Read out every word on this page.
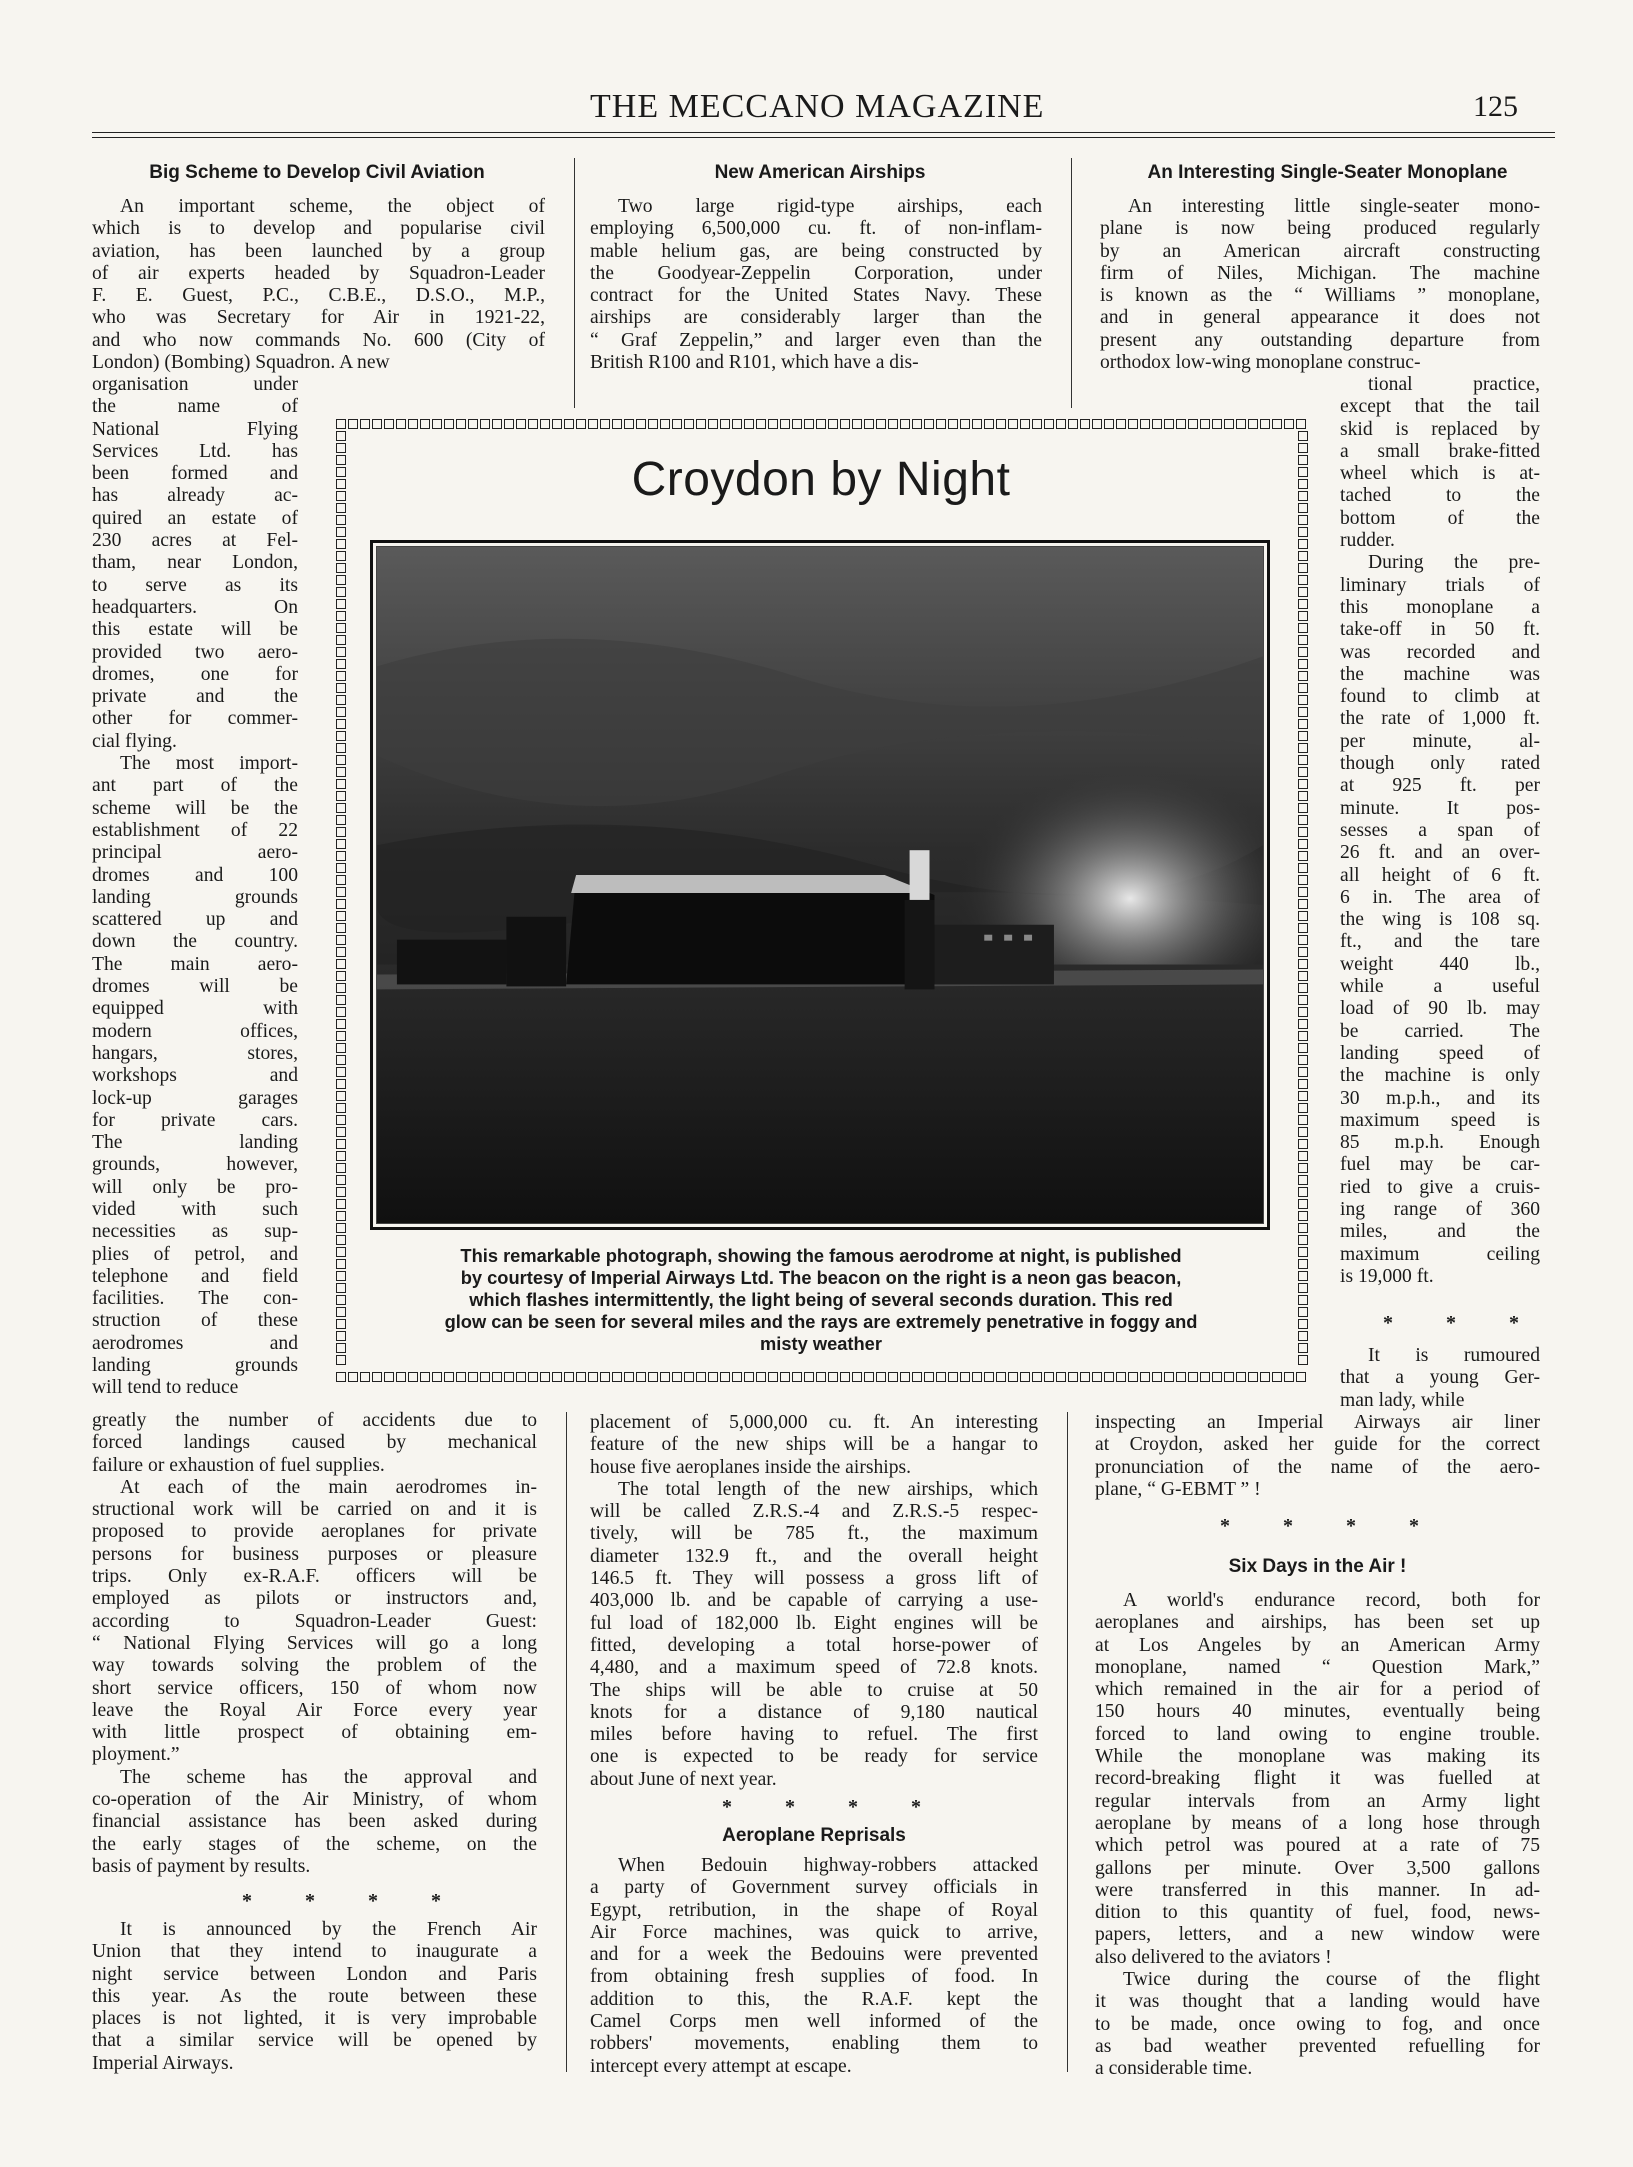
THE MECCANO MAGAZINE	125
Big Scheme to Develop Civil Aviation
An important scheme, the object of
which is to develop and popularise civil
aviation, has been launched by a group
of air experts headed by Squadron-Leader
F. E. Guest, P.C., C.B.E., D.S.O., M.P.,
who was Secretary for Air in 1921-22,
and who now commands No. 600 (City of
London) (Bombing) Squadron. A new
organisation under
the name of
National Flying
Services Ltd. has
been formed and
has already ac-
quired an estate of
230 acres at Fel-
tham, near London,
to serve as its
headquarters. On
this estate will be
provided two aero-
dromes, one for
private and the
other for commer-
cial flying.
The most import-
ant part of the
scheme will be the
establishment of 22
principal aero-
dromes and 100
landing grounds
scattered up and
down the country.
The main aero-
dromes will be
equipped with
modern offices,
hangars, stores,
workshops and
lock-up garages
for private cars.
The landing
grounds, however,
will only be pro-
vided with such
necessities as sup-
plies of petrol, and
telephone and field
facilities. The con-
struction of these
aerodromes and
landing grounds
will tend to reduce
greatly the number of accidents due to
forced landings caused by mechanical
failure or exhaustion of fuel supplies.
At each of the main aerodromes in-
structional work will be carried on and it is
proposed to provide aeroplanes for private
persons for business purposes or pleasure
trips. Only ex-R.A.F. officers will be
employed as pilots or instructors and,
according to Squadron-Leader Guest:
“ National Flying Services will go a long
way towards solving the problem of the
short service officers, 150 of whom now
leave the Royal Air Force every year
with little prospect of obtaining em-
ployment.”
The scheme has the approval and
co-operation of the Air Ministry, of whom
financial assistance has been asked during
the early stages of the scheme, on the
basis of payment by results.
* * * *
It is announced by the French Air
Union that they intend to inaugurate a
night service between London and Paris
this year. As the route between these
places is not lighted, it is very improbable
that a similar service will be opened by
Imperial Airways.
New American Airships
Two large rigid-type airships, each
employing 6,500,000 cu. ft. of non-inflam-
mable helium gas, are being constructed by
the Goodyear-Zeppelin Corporation, under
contract for the United States Navy. These
airships are considerably larger than the
“ Graf Zeppelin,” and larger even than the
British R100 and R101, which have a dis-
placement of 5,000,000 cu. ft. An interesting
feature of the new ships will be a hangar to
house five aeroplanes inside the airships.
The total length of the new airships, which
will be called Z.R.S.-4 and Z.R.S.-5 respec-
tively, will be 785 ft., the maximum
diameter 132.9 ft., and the overall height
146.5 ft. They will possess a gross lift of
403,000 lb. and be capable of carrying a use-
ful load of 182,000 lb. Eight engines will be
fitted, developing a total horse-power of
4,480, and a maximum speed of 72.8 knots.
The ships will be able to cruise at 50
knots for a distance of 9,180 nautical
miles before having to refuel. The first
one is expected to be ready for service
about June of next year.
* * * *
Aeroplane Reprisals
When Bedouin highway-robbers attacked
a party of Government survey officials in
Egypt, retribution, in the shape of Royal
Air Force machines, was quick to arrive,
and for a week the Bedouins were prevented
from obtaining fresh supplies of food. In
addition to this, the R.A.F. kept the
Camel Corps men well informed of the
robbers' movements, enabling them to
intercept every attempt at escape.
An Interesting Single-Seater Monoplane
An interesting little single-seater mono-
plane is now being produced regularly
by an American aircraft constructing
firm of Niles, Michigan. The machine
is known as the “ Williams ” monoplane,
and in general appearance it does not
present any outstanding departure from
orthodox low-wing monoplane construc-
tional practice,
except that the tail
skid is replaced by
a small brake-fitted
wheel which is at-
tached to the
bottom of the
rudder.
During the pre-
liminary trials of
this monoplane a
take-off in 50 ft.
was recorded and
the machine was
found to climb at
the rate of 1,000 ft.
per minute, al-
though only rated
at 925 ft. per
minute. It pos-
sesses a span of
26 ft. and an over-
all height of 6 ft.
6 in. The area of
the wing is 108 sq.
ft., and the tare
weight 440 lb.,
while a useful
load of 90 lb. may
be carried. The
landing speed of
the machine is only
30 m.p.h., and its
maximum speed is
85 m.p.h. Enough
fuel may be car-
ried to give a cruis-
ing range of 360
miles, and the
maximum ceiling
is 19,000 ft.
* * *
It is rumoured
that a young Ger-
man lady, while
inspecting an Imperial Airways air liner
at Croydon, asked her guide for the correct
pronunciation of the name of the aero-
plane, “ G-EBMT ” !
* * * *
Six Days in the Air !
A world's endurance record, both for
aeroplanes and airships, has been set up
at Los Angeles by an American Army
monoplane, named “ Question Mark,”
which remained in the air for a period of
150 hours 40 minutes, eventually being
forced to land owing to engine trouble.
While the monoplane was making its
record-breaking flight it was fuelled at
regular intervals from an Army light
aeroplane by means of a long hose through
which petrol was poured at a rate of 75
gallons per minute. Over 3,500 gallons
were transferred in this manner. In ad-
dition to this quantity of fuel, food, news-
papers, letters, and a new window were
also delivered to the aviators !
Twice during the course of the flight
it was thought that a landing would have
to be made, once owing to fog, and once
as bad weather prevented refuelling for
a considerable time.
Croydon by Night
This remarkable photograph, showing the famous aerodrome at night, is published
by courtesy of Imperial Airways Ltd. The beacon on the right is a neon gas beacon,
which flashes intermittently, the light being of several seconds duration. This red
glow can be seen for several miles and the rays are extremely penetrative in foggy and
misty weather
